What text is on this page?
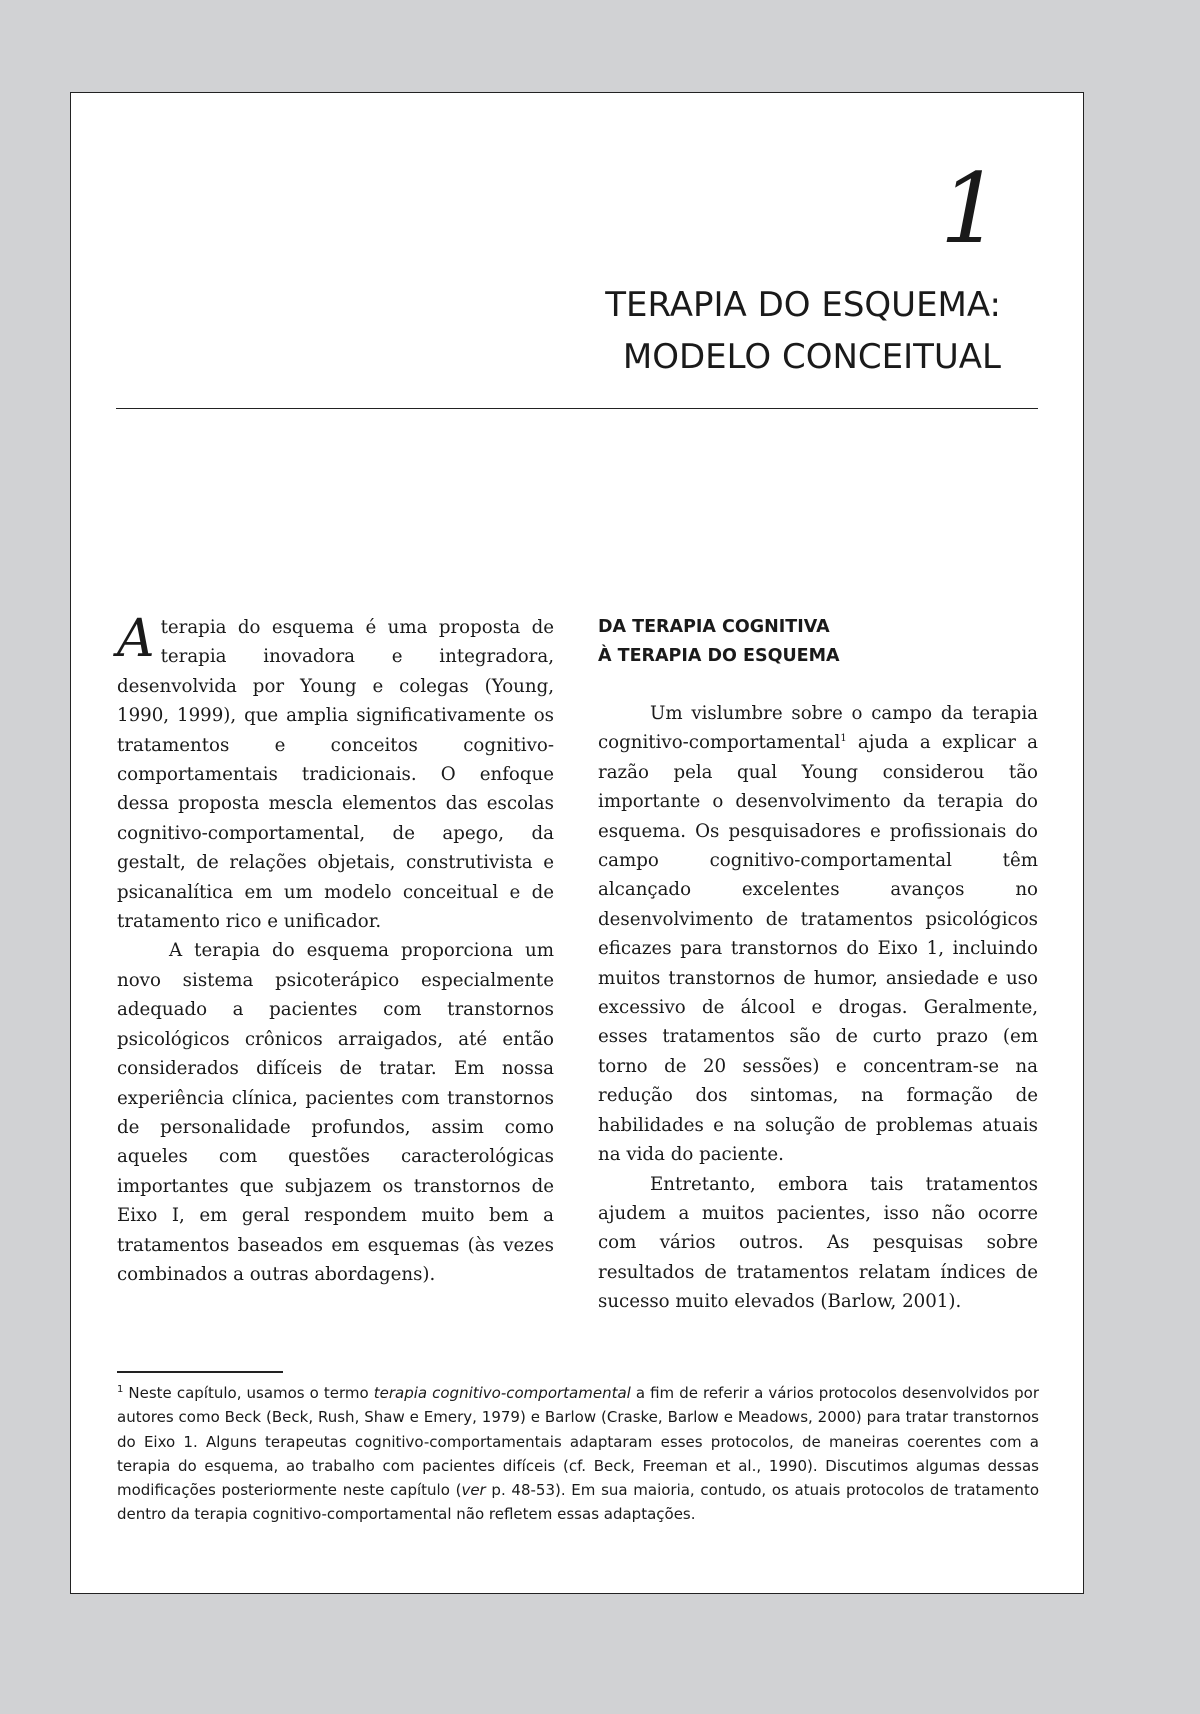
1
TERAPIA DO ESQUEMA:
MODELO CONCEITUAL

Aterapia do esquema é uma proposta de terapia inovadora e integradora, desenvolvida por Young e colegas (Young, 1990, 1999), que amplia significativamente os tratamentos e conceitos cognitivo-comportamentais tradicionais. O enfoque dessa proposta mescla elementos das escolas cognitivo-comportamental, de apego, da gestalt, de relações objetais, construtivista e psicanalítica em um modelo conceitual e de tratamento rico e unificador.

A terapia do esquema proporciona um novo sistema psicoterápico especialmente adequado a pacientes com transtornos psicológicos crônicos arraigados, até então considerados difíceis de tratar. Em nossa experiência clínica, pacientes com transtornos de personalidade profundos, assim como aqueles com questões caracterológicas importantes que subjazem os transtornos de Eixo I, em geral respondem muito bem a tratamentos baseados em esquemas (às vezes combinados a outras abordagens).

DA TERAPIA COGNITIVA
À TERAPIA DO ESQUEMA

Um vislumbre sobre o campo da terapia cognitivo-comportamental$^1$ ajuda a explicar a razão pela qual Young considerou tão importante o desenvolvimento da terapia do esquema. Os pesquisadores e profissionais do campo cognitivo-comportamental têm alcançado excelentes avanços no desenvolvimento de tratamentos psicológicos eficazes para transtornos do Eixo 1, incluindo muitos transtornos de humor, ansiedade e uso excessivo de álcool e drogas. Geralmente, esses tratamentos são de curto prazo (em torno de 20 sessões) e concentram-se na redução dos sintomas, na formação de habilidades e na solução de problemas atuais na vida do paciente.

Entretanto, embora tais tratamentos ajudem a muitos pacientes, isso não ocorre com vários outros. As pesquisas sobre resultados de tratamentos relatam índices de sucesso muito elevados (Barlow, 2001).

$^1$ Neste capítulo, usamos o termo terapia cognitivo-comportamental a fim de referir a vários protocolos desenvolvidos por autores como Beck (Beck, Rush, Shaw e Emery, 1979) e Barlow (Craske, Barlow e Meadows, 2000) para tratar transtornos do Eixo 1. Alguns terapeutas cognitivo-comportamentais adaptaram esses protocolos, de maneiras coerentes com a terapia do esquema, ao trabalho com pacientes difíceis (cf. Beck, Freeman et al., 1990). Discutimos algumas dessas modificações posteriormente neste capítulo (ver p. 48-53). Em sua maioria, contudo, os atuais protocolos de tratamento dentro da terapia cognitivo-comportamental não refletem essas adaptações.
